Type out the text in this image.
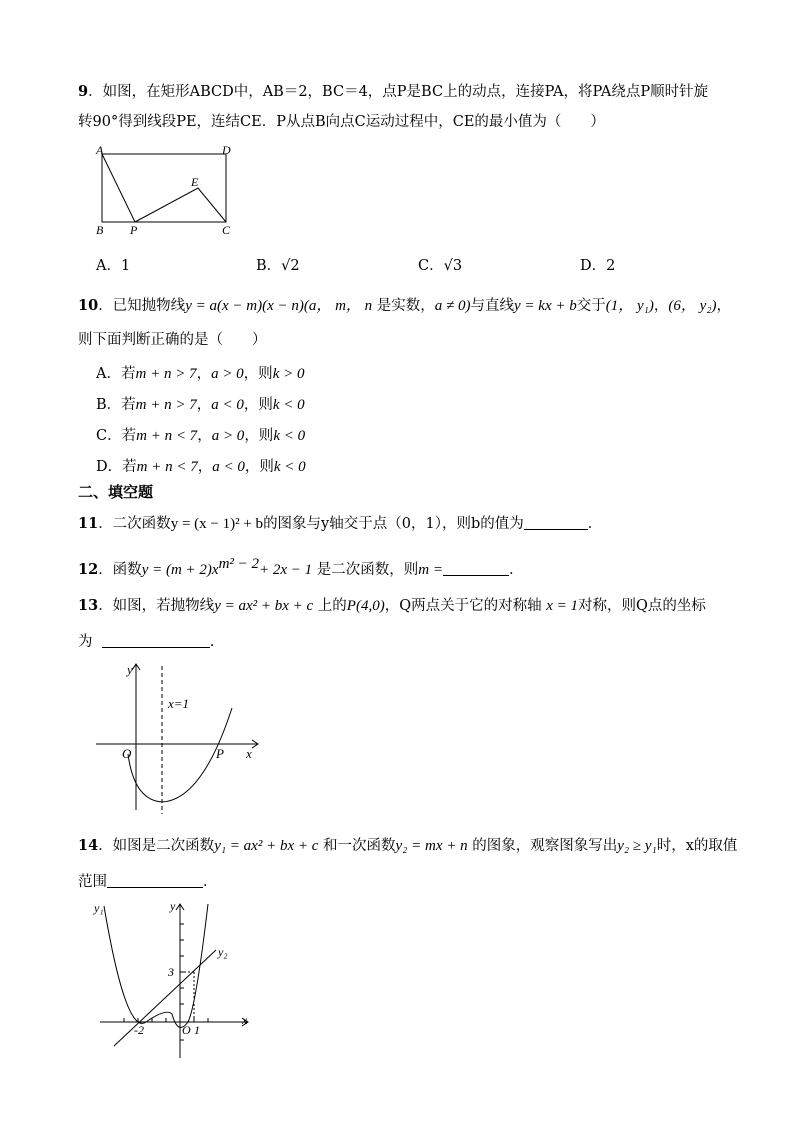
9．如图，在矩形ABCD中，AB＝2，BC＝4，点P是BC上的动点，连接PA，将PA绕点P顺时针旋
转90°得到线段PE，连结CE．P从点B向点C运动过程中，CE的最小值为（　　）
A	D
B P	C
E
A．1	B．√2	C．√3	D．2
10．已知抛物线y = a(x − m)(x − n)(a， m， n 是实数，a ≠ 0)与直线y = kx + b交于(1， y₁)，(6， y₂)，
则下面判断正确的是（　　）
A．若m + n > 7，a > 0，则k > 0
B．若m + n > 7，a < 0，则k < 0
C．若m + n < 7，a > 0，则k < 0
D．若m + n < 7，a < 0，则k < 0
二、填空题
11．二次函数y = (x − 1)² + b的图象与y轴交于点（0，1），则b的值为	．
12．函数$y = (m + 2)x^{m^2 - 2}+ 2x - 1$ 是二次函数，则m =	．
13．如图，若抛物线y = ax² + bx + c 上的P(4,0)，Q两点关于它的对称轴 x = 1对称，则Q点的坐标
为	.
y
x
O	P
x=1
14．如图是二次函数y₁ = ax² + bx + c 和一次函数y₂ = mx + n 的图象，观察图象写出y₂ ≥ y₁时，x的取值
范围	．
y₁	y
y₂
x
3
-2	O 1
